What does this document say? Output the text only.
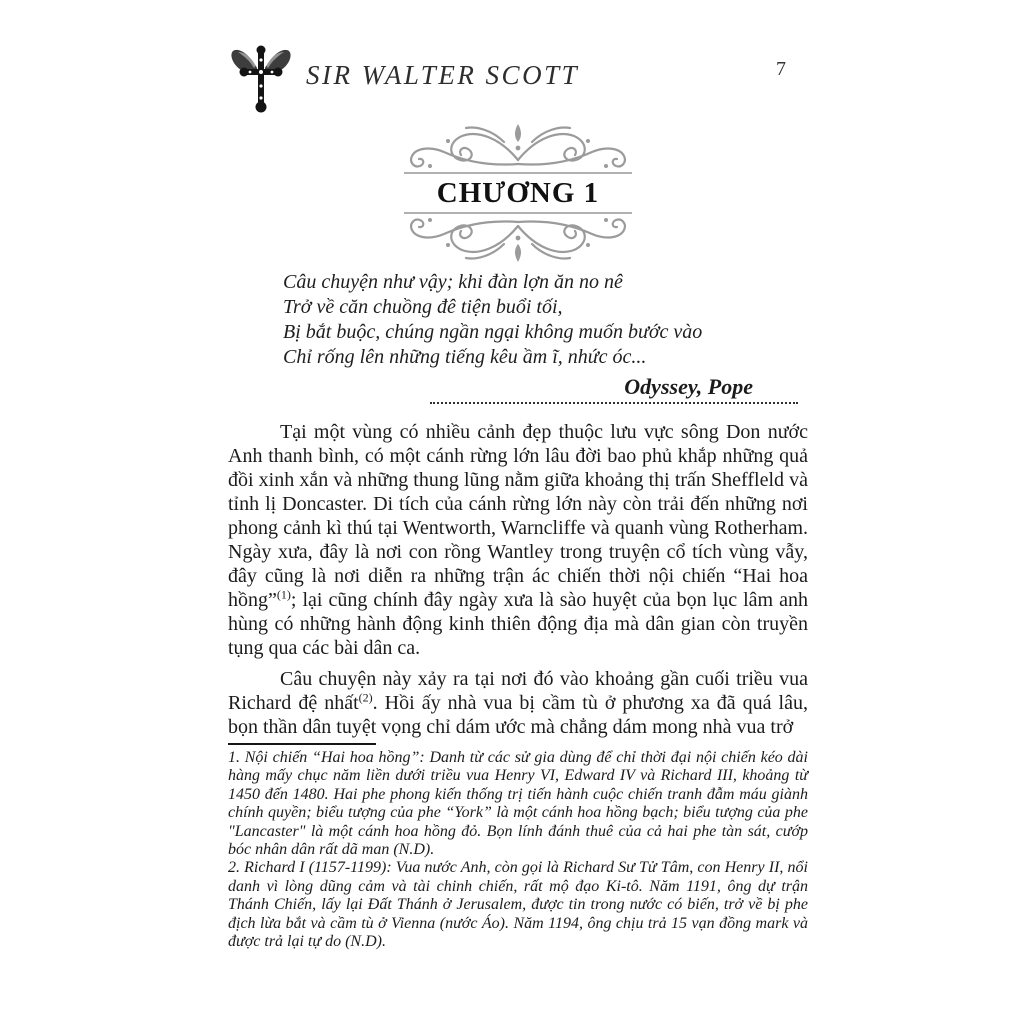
SIR WALTER SCOTT	7
CHƯƠNG 1
Câu chuyện như vậy; khi đàn lợn ăn no nê
Trở về căn chuồng đê tiện buổi tối,
Bị bắt buộc, chúng ngần ngại không muốn bước vào
Chỉ rống lên những tiếng kêu ầm ĩ, nhức óc...
Odyssey, Pope

Tại một vùng có nhiều cảnh đẹp thuộc lưu vực sông Don nước Anh thanh bình, có một cánh rừng lớn lâu đời bao phủ khắp những quả đồi xinh xắn và những thung lũng nằm giữa khoảng thị trấn Sheffleld và tỉnh lị Doncaster. Di tích của cánh rừng lớn này còn trải đến những nơi phong cảnh kì thú tại Wentworth, Warncliffe và quanh vùng Rotherham. Ngày xưa, đây là nơi con rồng Wantley trong truyện cổ tích vùng vẫy, đây cũng là nơi diễn ra những trận ác chiến thời nội chiến “Hai hoa hồng”$^{(1)}$; lại cũng chính đây ngày xưa là sào huyệt của bọn lục lâm anh hùng có những hành động kinh thiên động địa mà dân gian còn truyền tụng qua các bài dân ca.

Câu chuyện này xảy ra tại nơi đó vào khoảng gần cuối triều vua Richard đệ nhất$^{(2)}$. Hồi ấy nhà vua bị cầm tù ở phương xa đã quá lâu, bọn thần dân tuyệt vọng chỉ dám ước mà chẳng dám mong nhà vua trở

1. Nội chiến “Hai hoa hồng”: Danh từ các sử gia dùng để chỉ thời đại nội chiến kéo dài hàng mấy chục năm liền dưới triều vua Henry VI, Edward IV và Richard III, khoảng từ 1450 đến 1480. Hai phe phong kiến thống trị tiến hành cuộc chiến tranh đẫm máu giành chính quyền; biểu tượng của phe “York” là một cánh hoa hồng bạch; biểu tượng của phe "Lancaster" là một cánh hoa hồng đỏ. Bọn lính đánh thuê của cả hai phe tàn sát, cướp bóc nhân dân rất dã man (N.D).
2. Richard I (1157-1199): Vua nước Anh, còn gọi là Richard Sư Tử Tâm, con Henry II, nổi danh vì lòng dũng cảm và tài chinh chiến, rất mộ đạo Ki-tô. Năm 1191, ông dự trận Thánh Chiến, lấy lại Đất Thánh ở Jerusalem, được tin trong nước có biến, trở về bị phe địch lừa bắt và cầm tù ở Vienna (nước Áo). Năm 1194, ông chịu trả 15 vạn đồng mark và được trả lại tự do (N.D).
